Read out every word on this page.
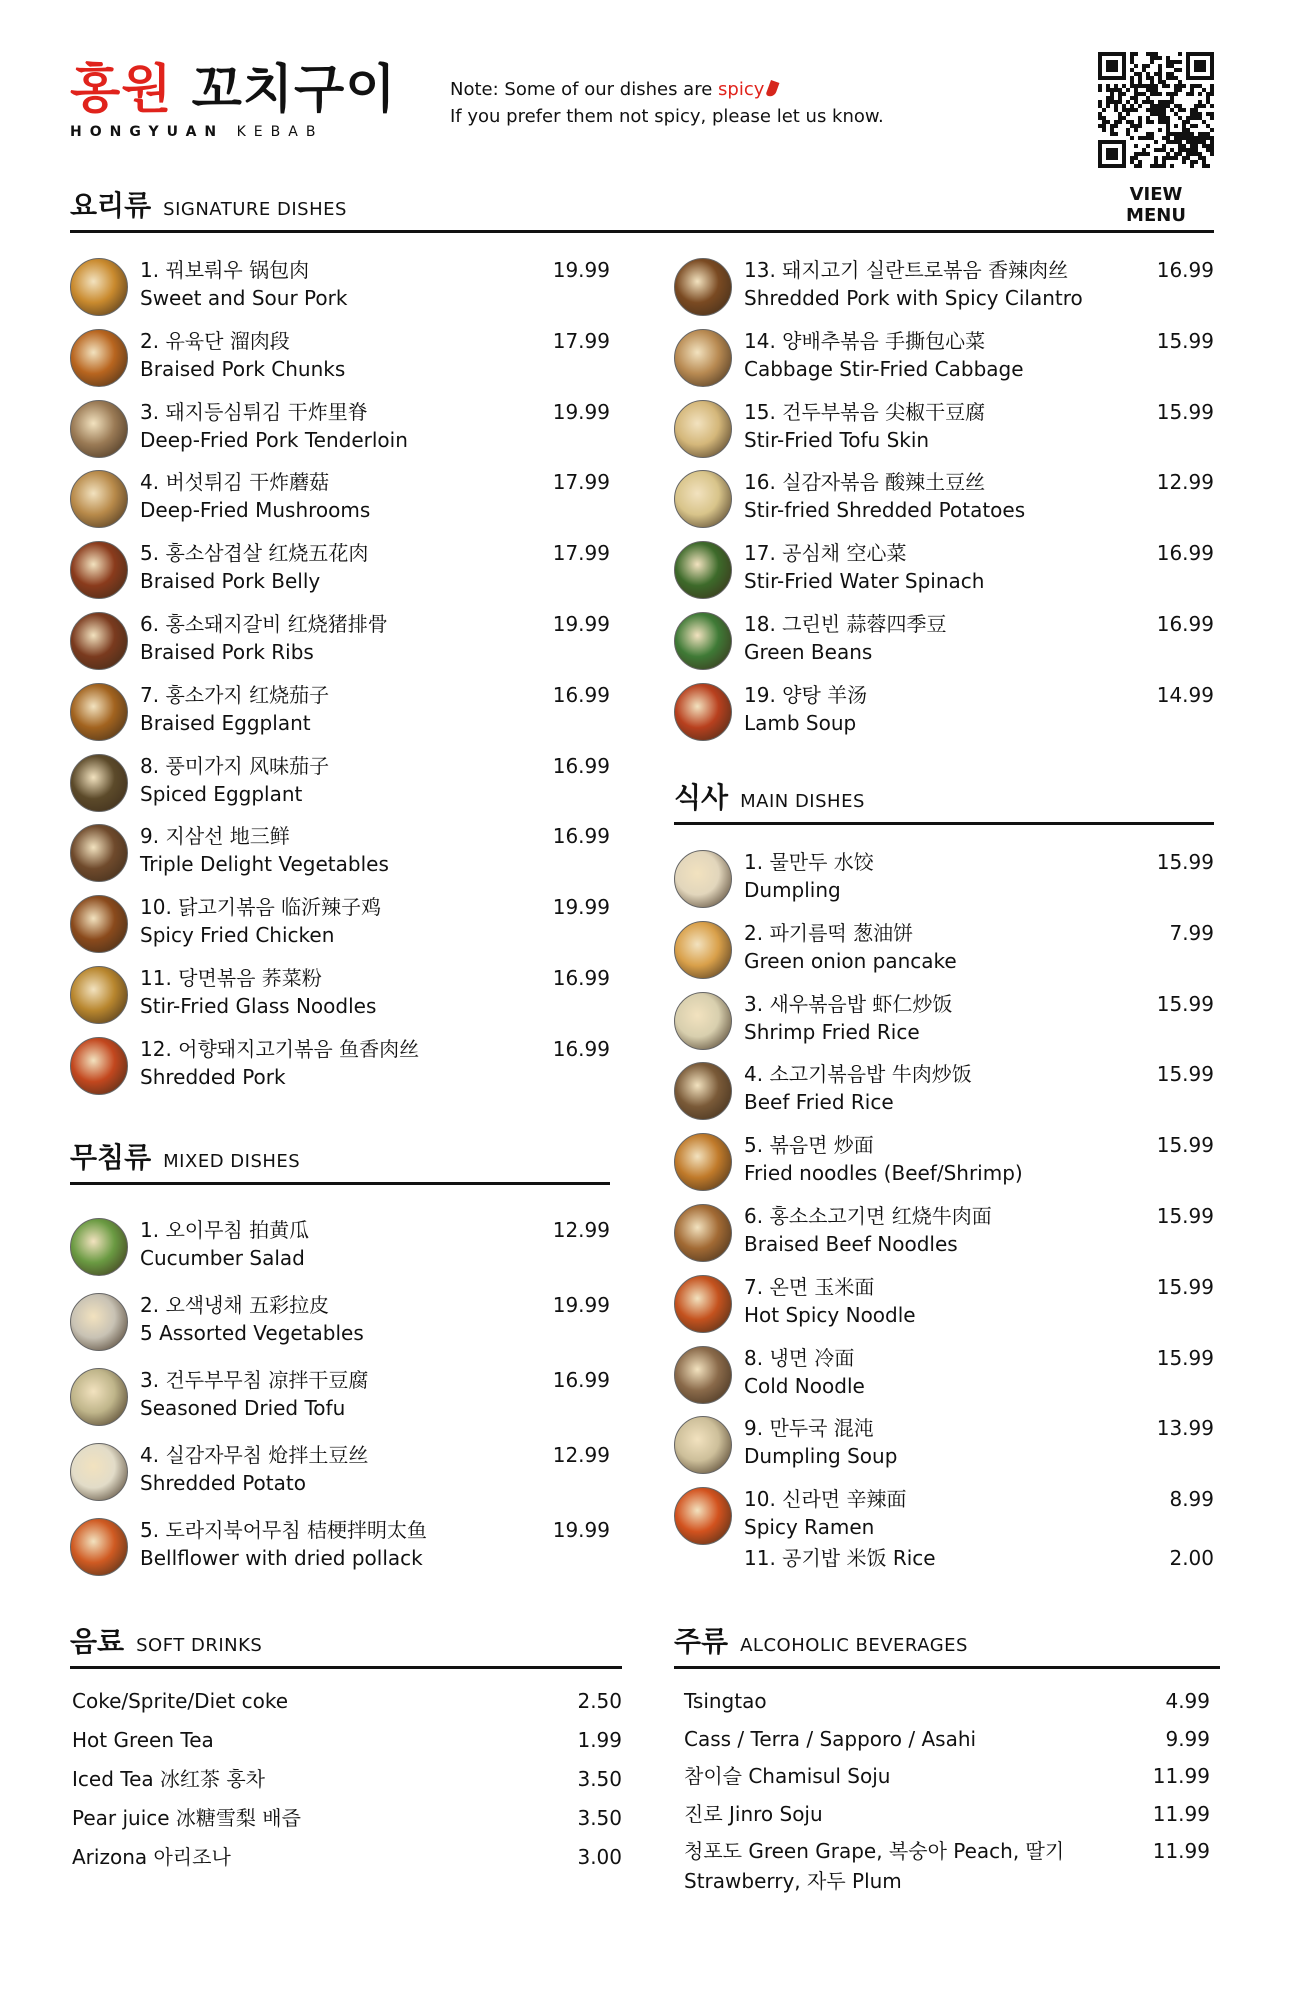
홍원 꼬치구이
HONGYUAN KEBAB
Note: Some of our dishes are spicy
If you prefer them not spicy, please let us know.
VIEW MENU
요리류 SIGNATURE DISHES
식사 MAIN DISHES
무침류 MIXED DISHES
음료 SOFT DRINKS	주류 ALCOHOLIC BEVERAGES
1. 꿔보뤄우 锅包肉
Sweet and Sour Pork
19.99
2. 유육단 溜肉段
Braised Pork Chunks
17.99
3. 돼지등심튀김 干炸里脊
Deep-Fried Pork Tenderloin
19.99
4. 버섯튀김 干炸蘑菇
Deep-Fried Mushrooms
17.99
5. 홍소삼겹살 红烧五花肉
Braised Pork Belly
17.99
6. 홍소돼지갈비 红烧猪排骨
Braised Pork Ribs
19.99
7. 홍소가지 红烧茄子
Braised Eggplant
16.99
8. 풍미가지 风味茄子
Spiced Eggplant
16.99
9. 지삼선 地三鲜
Triple Delight Vegetables
16.99
10. 닭고기볶음 临沂辣子鸡
Spicy Fried Chicken
19.99
11. 당면볶음 荞菜粉
Stir-Fried Glass Noodles
16.99
12. 어향돼지고기볶음 鱼香肉丝
Shredded Pork
16.99
13. 돼지고기 실란트로볶음 香辣肉丝
Shredded Pork with Spicy Cilantro
16.99
14. 양배추볶음 手撕包心菜
Cabbage Stir-Fried Cabbage
15.99
15. 건두부볶음 尖椒干豆腐
Stir-Fried Tofu Skin
15.99
16. 실감자볶음 酸辣土豆丝
Stir-fried Shredded Potatoes
12.99
17. 공심채 空心菜
Stir-Fried Water Spinach
16.99
18. 그린빈 蒜蓉四季豆
Green Beans
16.99
19. 양탕 羊汤
Lamb Soup
14.99
1. 물만두 水饺
Dumpling
15.99
2. 파기름떡 葱油饼
Green onion pancake
7.99
3. 새우볶음밥 虾仁炒饭
Shrimp Fried Rice
15.99
4. 소고기볶음밥 牛肉炒饭
Beef Fried Rice
15.99
5. 볶음면 炒面
Fried noodles (Beef/Shrimp)
15.99
6. 홍소소고기면 红烧牛肉面
Braised Beef Noodles
15.99
7. 온면 玉米面
Hot Spicy Noodle
15.99
8. 냉면 冷面
Cold Noodle
15.99
9. 만두국 混沌
Dumpling Soup
13.99
10. 신라면 辛辣面
Spicy Ramen
8.99
1. 오이무침 拍黄瓜
Cucumber Salad
12.99
2. 오색냉채 五彩拉皮
5 Assorted Vegetables
19.99
3. 건두부무침 凉拌干豆腐
Seasoned Dried Tofu
16.99
4. 실감자무침 炝拌土豆丝
Shredded Potato
12.99
5. 도라지북어무침 桔梗拌明太鱼
Bellflower with dried pollack
19.99
Coke/Sprite/Diet coke	2.50
Hot Green Tea	1.99
Iced Tea 冰红茶 홍차	3.50
Pear juice 冰糖雪梨 배즙	3.50
Arizona 아리조나	3.00
Tsingtao	4.99
Cass / Terra / Sapporo / Asahi	9.99
참이슬 Chamisul Soju	11.99
진로 Jinro Soju	11.99
청포도 Green Grape, 복숭아 Peach, 딸기
Strawberry, 자두 Plum
11.99
11. 공기밥 米饭 Rice	2.00
